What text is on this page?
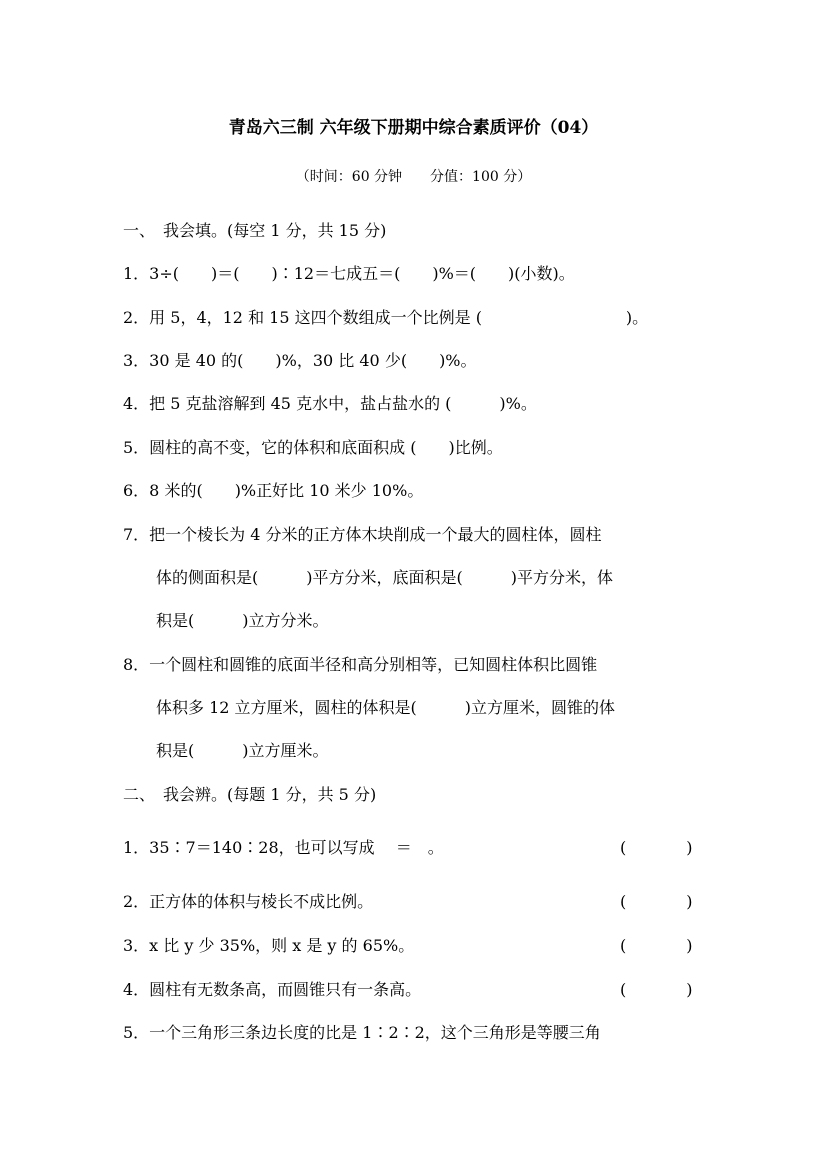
青岛六三制 六年级下册期中综合素质评价（04）
（时间：60 分钟　　分值：100 分）
一、　我会填。(每空 1 分，共 15 分)
1．3÷(　　)＝(　　)∶12＝七成五＝(　　)%＝(　　)(小数)。
2．用 5，4，12 和 15 这四个数组成一个比例是 (　　　　　　　　　)。
3．30 是 40 的(　　)%，30 比 40 少(　　)%。
4．把 5 克盐溶解到 45 克水中，盐占盐水的 (　　　)%。
5．圆柱的高不变，它的体积和底面积成 (　　)比例。
6．8 米的(　　)%正好比 10 米少 10%。
7．把一个棱长为 4 分米的正方体木块削成一个最大的圆柱体，圆柱
体的侧面积是(　　　)平方分米，底面积是(　　　)平方分米，体
积是(　　　)立方分米。
8．一个圆柱和圆锥的底面半径和高分别相等，已知圆柱体积比圆锥
体积多 12 立方厘米，圆柱的体积是(　　　)立方厘米，圆锥的体
积是(　　　)立方厘米。
二、　我会辨。(每题 1 分，共 5 分)
1．35∶7＝140∶28，也可以写成　 ＝　。	(	)
2．正方体的体积与棱长不成比例。	(	)
3．x 比 y 少 35%，则 x 是 y 的 65%。	(	)
4．圆柱有无数条高，而圆锥只有一条高。	(	)
5．一个三角形三条边长度的比是 1∶2∶2，这个三角形是等腰三角
